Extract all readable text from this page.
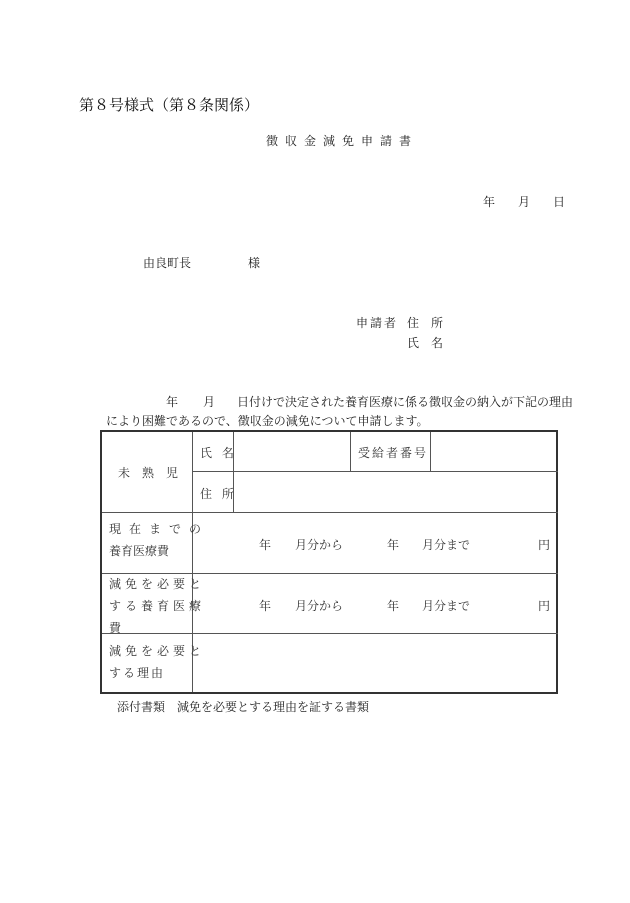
第８号様式（第８条関係）
徴収金減免申請書
年 月 日
由良町長	様
申請者 住　所
氏　名
年 月 日付けで決定された養育医療に係る徴収金の納入が下記の理由
により困難であるので、徴収金の減免について申請します。
未　熟　児
氏 名	受給者番号
住 所
現在までの
養育医療費	年 月分から	年 月分まで	円
減免を必要と
する養育医療
費
年 月分から	年 月分まで	円
減免を必要と
する理由
添付書類 減免を必要とする理由を証する書類
